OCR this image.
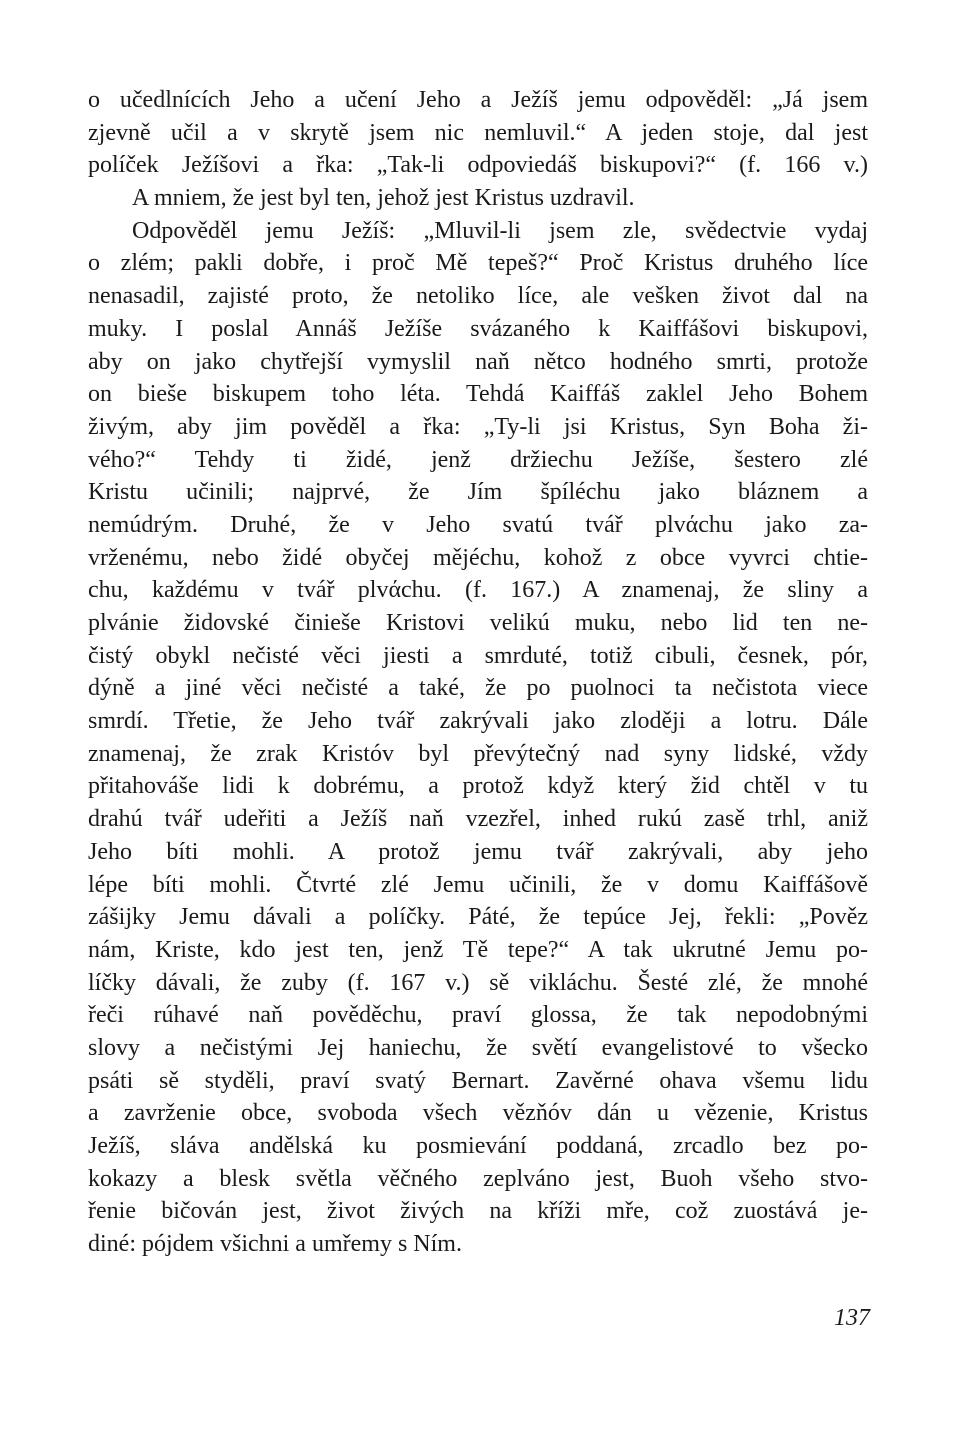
o učedlnících Jeho a učení Jeho a Ježíš jemu odpověděl: „Já jsem
zjevně učil a v skrytě jsem nic nemluvil.“ A jeden stoje, dal jest
políček Ježíšovi a řka: „Tak-li odpoviedáš biskupovi?“ (f. 166 v.)
A mniem, že jest byl ten, jehož jest Kristus uzdravil.
Odpověděl jemu Ježíš: „Mluvil-li jsem zle, svědectvie vydaj
o zlém; pakli dobře, i proč Mě tepeš?“ Proč Kristus druhého líce
nenasadil, zajisté proto, že netoliko líce, ale vešken život dal na
muky. I poslal Annáš Ježíše svázaného k Kaiffášovi biskupovi,
aby on jako chytřejší vymyslil naň nětco hodného smrti, protože
on bieše biskupem toho léta. Tehdá Kaiffáš zaklel Jeho Bohem
živým, aby jim pověděl a řka: „Ty-li jsi Kristus, Syn Boha ži-
vého?“ Tehdy ti židé, jenž držiechu Ježíše, šestero zlé
Kristu učinili; najprvé, že Jím špíléchu jako bláznem a
nemúdrým. Druhé, že v Jeho svatú tvář plvάchu jako za-
vrženému, nebo židé obyčej měјéchu, kohož z obce vyvrci chtie-
chu, každému v tvář plvάchu. (f. 167.) A znamenaj, že sliny a
plvánie židovské činieše Kristovi velikú muku, nebo lid ten ne-
čistý obykl nečisté věci jiesti a smrduté, totiž cibuli, česnek, pór,
dýně a jiné věci nečisté a také, že po puolnoci ta nečistota viece
smrdí. Třetie, že Jeho tvář zakrývali jako zloději a lotru. Dále
znamenaj, že zrak Kristóv byl převýtečný nad syny lidské, vždy
přitahováše lidi k dobrému, a protož když který žid chtěl v tu
drahú tvář udeřiti a Ježíš naň vzezřel, inhed rukú zasě trhl, aniž
Jeho bíti mohli. A protož jemu tvář zakrývali, aby jeho
lépe bíti mohli. Čtvrté zlé Jemu učinili, že v domu Kaiffášově
zášijky Jemu dávali a políčky. Páté, že tepúce Jej, řekli: „Pověz
nám, Kriste, kdo jest ten, jenž Tě tepe?“ A tak ukrutné Jemu po-
líčky dávali, že zuby (f. 167 v.) sě vikláchu. Šesté zlé, že mnohé
řeči rúhavé naň pověděchu, praví glossa, že tak nepodobnými
slovy a nečistými Jej haniechu, že světí evangelistové to všecko
psáti sě styděli, praví svatý Bernart. Zavěrné ohava všemu lidu
a zavrženie obce, svoboda všech vězňóv dán u vězenie, Kristus
Ježíš, sláva andělská ku posmievání poddaná, zrcadlo bez po-
kokazy a blesk světla věčného zeplváno jest, Buoh všeho stvo-
řenie bičován jest, život živých na kříži mře, což zuostává je-
diné: pójdem všichni a umřemy s Ním.
137
